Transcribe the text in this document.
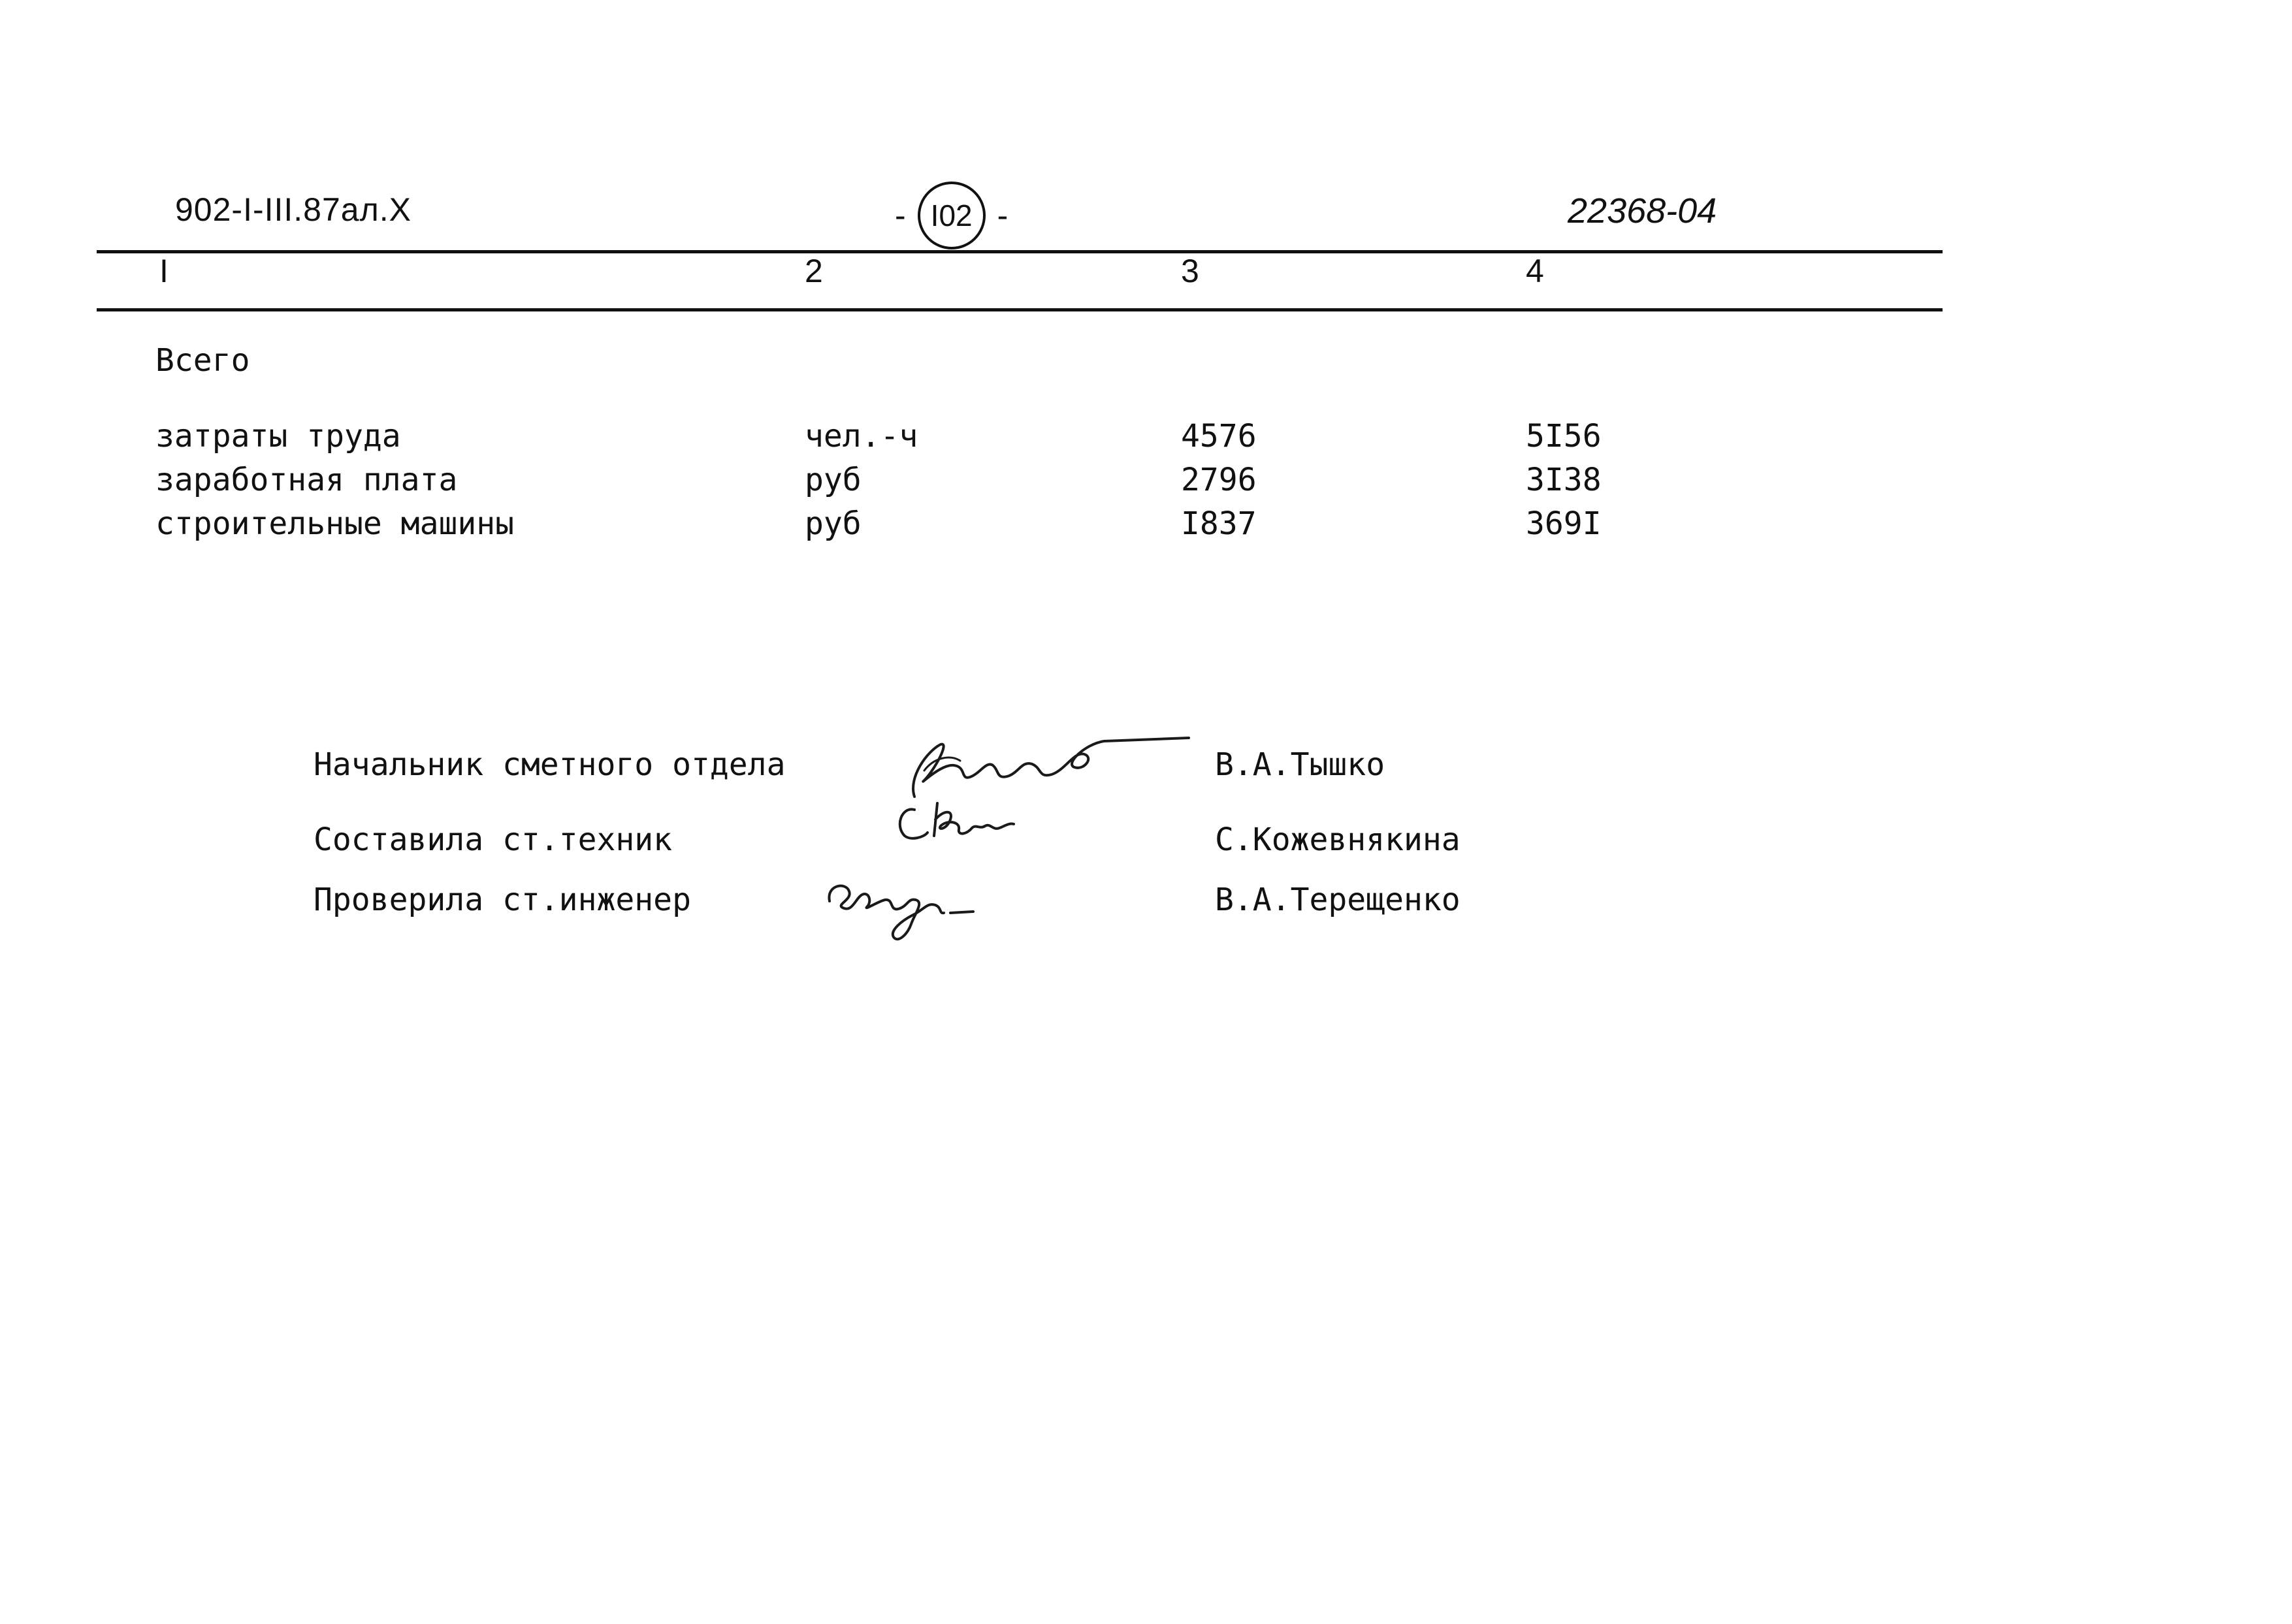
902-I-III.87ал.X	- I02 -	22368-04
I	2	3	4
Всего
затраты труда	чел.-ч	4576	5I56
заработная плата	руб	2796	3I38
строительные машины	руб	I837	369I
Начальник сметного отдела
Составила ст.техник
Проверила ст.инженер
В.А.Тышко
С.Кожевнякина
В.А.Терещенко
